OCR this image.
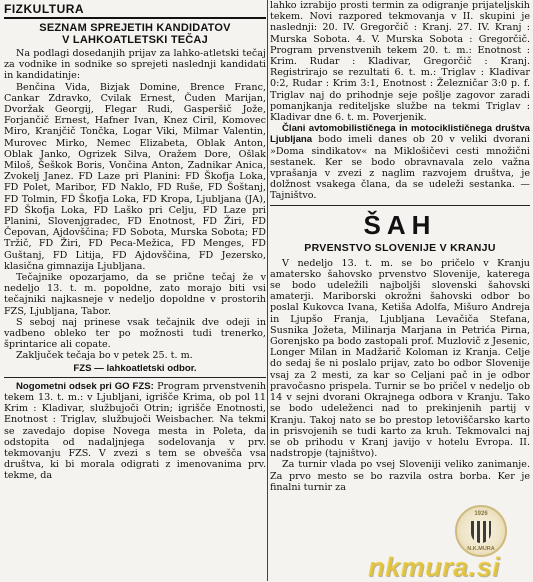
FIZKULTURA
SEZNAM SPREJETIH KANDIDATOV
V LAHKOATLETSKI TEČAJ

Na podlagi dosedanjih prijav za lahko-atletski tečaj za vodnike in sodnike so sprejeti naslednji kandidati in kandidatinje:

Benčina Vida, Bizjak Domine, Brence Franc, Cankar Zdravko, Cvilak Ernest, Čuden Marijan, Dvoržak Georgij, Flegar Rudi, Gasperšič Jože, Forjančič Ernest, Hafner Ivan, Knez Ciril, Komovec Miro, Kranjčič Tončka, Logar Viki, Milmar Valentin, Murovec Mirko, Nemec Elizabeta, Oblak Anton, Oblak Janko, Ogrizek Silva, Oražem Dore, Ošlak Miloš, Šeškok Boris, Vončina Anton, Zadnikar Anica, Zvokelj Janez. FD Laze pri Planini: FD Škofja Loka, FD Polet, Maribor, FD Naklo, FD Ruše, FD Šoštanj, FD Tolmin, FD Škofja Loka, FD Kropa, Ljubljana (JA), FD Škofja Loka, FD Laško pri Celju, FD Laze pri Planini, Slovenjgradec, FD Enotnost, FD Žiri, FD Čepovan, Ajdovščina; FD Sobota, Murska Sobota; FD Tržič, FD Žiri, FD Peca-Mežica, FD Menges, FD Guštanj, FD Litija, FD Ajdovščina, FD Jezersko, klasična gimnazija Ljubljana.

Tečajnike opozarjamo, da se prične tečaj že v nedeljo 13. t. m. popoldne, zato morajo biti vsi tečajniki najkasneje v nedeljo dopoldne v prostorih FZS, Ljubljana, Tabor.

S seboj naj prinese vsak tečajnik dve odeji in vadbeno obleko ter po možnosti tudi trenerko, šprintarice ali copate.

Zaključek tečaja bo v petek 25. t. m.

FZS — lahkoatletski odbor.

Nogometni odsek pri GO FZS: Program prvenstvenih tekem 13. t. m.: v Ljubljani, igrišče Krima, ob pol 11 Krim : Kladivar, službujoči Otrin; igrišče Enotnosti, Enotnost : Triglav, službujoči Weisbacher. Na tekmi se zavedajo dopise Novega mesta in Poleta, da odstopita od nadaljnjega sodelovanja v prv. tekmovanju FZS. V zvezi s tem se obvešča vsa društva, ki bi morala odigrati z imenovanima prv. tekme, da

lahko izrabijo prosti termin za odigranje prijateljskih tekem. Novi razpored tekmovanja v II. skupini je naslednji: 20. IV. Gregorčič : Kranj. 27. IV. Kranj : Murska Sobota. 4. V. Murska Sobota : Gregorčič. Program prvenstvenih tekem 20. t. m.: Enotnost : Krim. Rudar : Kladivar, Gregorčič : Kranj. Registrirajo se rezultati 6. t. m.: Triglav : Kladivar 0:2, Rudar : Krim 3:1, Enotnost : Železničar 3:0 p. f. Triglav naj do prihodnje seje pošlje zagovor zaradi pomanjkanja rediteljske službe na tekmi Triglav : Kladivar dne 6. t. m. Poverjenik.

Člani avtomobilističnega in motociklističnega društva Ljubljana bodo imeli danes ob 20 v veliki dvorani »Doma sindikatov« na Miklošičevi cesti množični sestanek. Ker se bodo obravnavala zelo važna vprašanja v zvezi z naglim razvojem društva, je dolžnost vsakega člana, da se udeleži sestanka. — Tajništvo.

ŠAH
PRVENSTVO SLOVENIJE V KRANJU

V nedeljo 13. t. m. se bo pričelo v Kranju amatersko šahovsko prvenstvo Slovenije, katerega se bodo udeležili najboljši slovenski šahovski amaterji. Mariborski okrožni šahovski odbor bo poslal Kukovca Ivana, Ketiša Adolfa, Mišuro Andreja in Ljupšo Franja, Ljubljana Levačiča Stefana, Susnika Jožeta, Milinarja Marjana in Petrića Pirna, Gorenjsko pa bodo zastopali prof. Muzlovič z Jesenic, Longer Milan in Madžarič Koloman iz Kranja. Celje do sedaj še ni poslalo prijav, zato bo odbor Slovenije vsaj za 2 mesti, za kar so Celjani pač in je odbor pravočasno prispela. Turnir se bo pričel v nedeljo ob 14 v sejni dvorani Okrajnega odbora v Kranju. Tako se bodo udeleženci nad to prekinjenih partij v Kranju. Takoj nato se bo prestop letoviščarsko karto in prisvojenih se tudi karto za kruh. Tekmovalci naj se ob prihodu v Kranj javijo v hotelu Evropa. II. nadstropje (tajništvo).

Za turnir vlada po vsej Sloveniji veliko zanimanje. Za prvo mesto se bo razvila ostra borba. Ker je finalni turnir za

1926
N.K.MURA
nkmura.si
